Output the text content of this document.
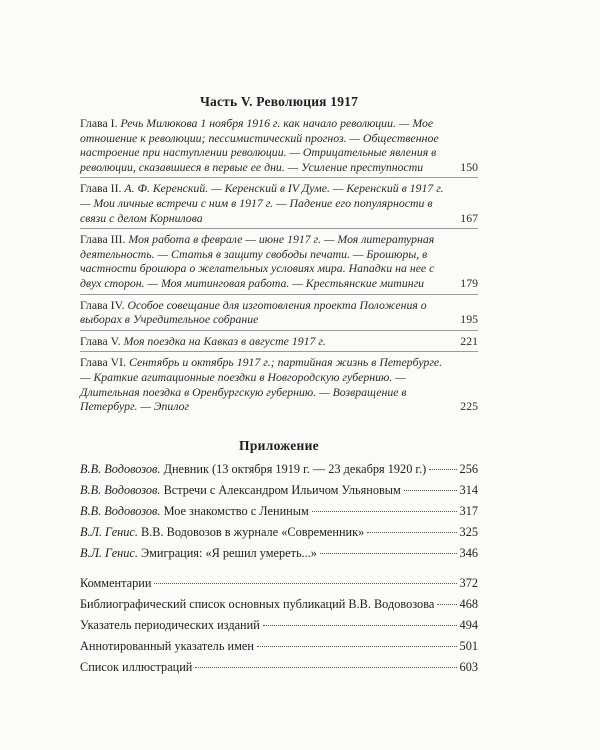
Часть V. Революция 1917
Глава I. Речь Милюкова 1 ноября 1916 г. как начало революции. — Мое отношение к революции; пессимистический прогноз. — Общественное настроение при наступлении революции. — Отрицательные явления в революции, сказавшиеся в первые ее дни. — Усиление преступности	150
Глава II. А. Ф. Керенский. — Керенский в IV Думе. — Керенский в 1917 г. — Мои личные встречи с ним в 1917 г. — Падение его популярности в связи с делом Корнилова	167
Глава III. Моя работа в феврале — июне 1917 г. — Моя литературная деятельность. — Статья в защиту свободы печати. — Брошюры, в частности брошюра о желательных условиях мира. Нападки на нее с двух сторон. — Моя митинговая работа. — Крестьянские митинги	179
Глава IV. Особое совещание для изготовления проекта Положения о выборах в Учредительное собрание	195
Глава V. Моя поездка на Кавказ в августе 1917 г.	221
Глава VI. Сентябрь и октябрь 1917 г.; партийная жизнь в Петербурге. — Краткие агитационные поездки в Новгородскую губернию. — Длительная поездка в Оренбургскую губернию. — Возвращение в Петербург. — Эпилог	225
Приложение
В.В. Водовозов. Дневник (13 октября 1919 г. — 23 декабря 1920 г.)	256
В.В. Водовозов. Встречи с Александром Ильичом Ульяновым	314
В.В. Водовозов. Мое знакомство с Лениным	317
В.Л. Генис. В.В. Водовозов в журнале «Современник»	325
В.Л. Генис. Эмиграция: «Я решил умереть...»	346
Комментарии	372
Библиографический список основных публикаций В.В. Водовозова 468
Указатель периодических изданий	494
Аннотированный указатель имен	501
Список иллюстраций	603
